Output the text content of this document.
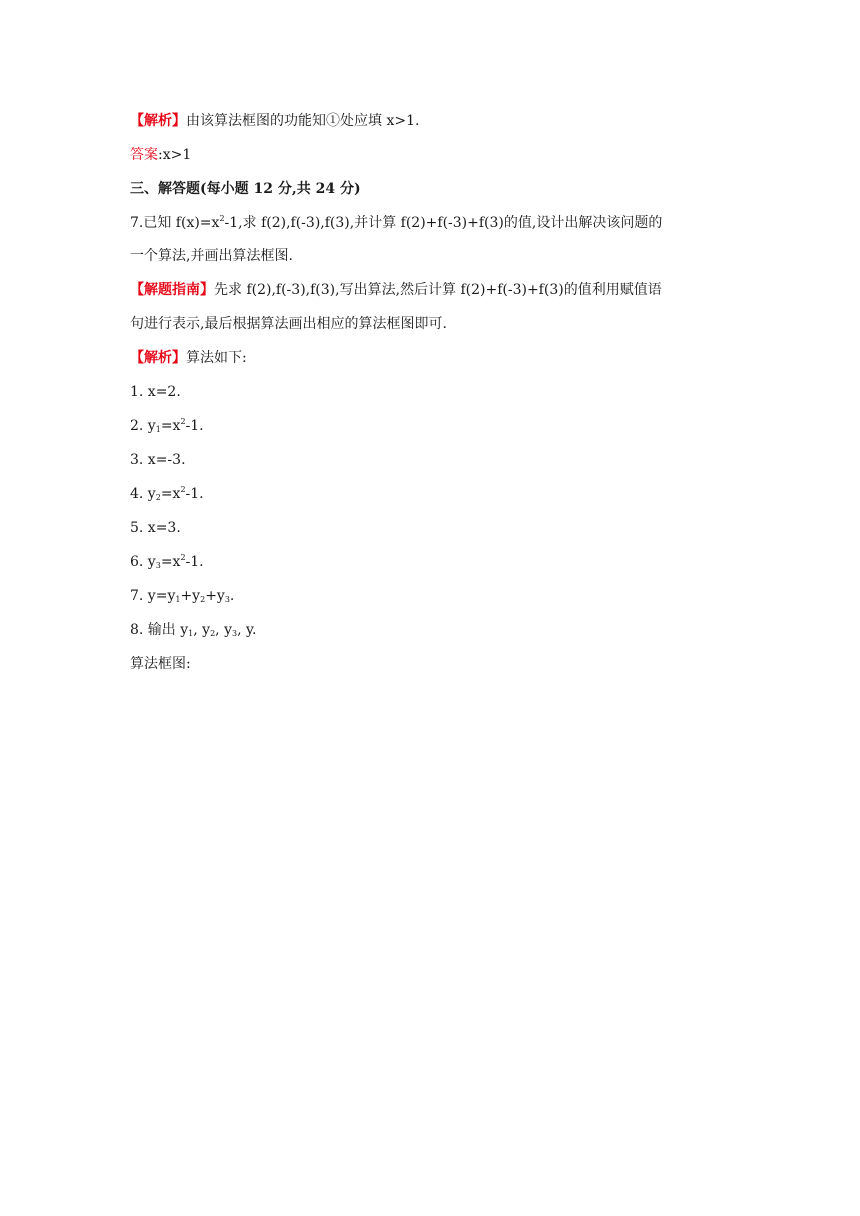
【解析】由该算法框图的功能知①处应填 x>1.
答案:x>1
三、解答题(每小题 12 分,共 24 分)
7.已知 $f(x)=x^2-1$,求 f(2),f(-3),f(3),并计算 f(2)+f(-3)+f(3)的值,设计出解决该问题的
一个算法,并画出算法框图.
【解题指南】先求 f(2),f(-3),f(3),写出算法,然后计算 f(2)+f(-3)+f(3)的值利用赋值语
句进行表示,最后根据算法画出相应的算法框图即可.
【解析】算法如下:
1. x=2.
2. $y_1=x^2-1$.
3. x=-3.
4. $y_2=x^2-1$.
5. x=3.
6. $y_3=x^2-1$.
7. $y=y_1+y_2+y_3$.
8. 输出 $y_1$, $y_2$, $y_3$, y.
算法框图:
